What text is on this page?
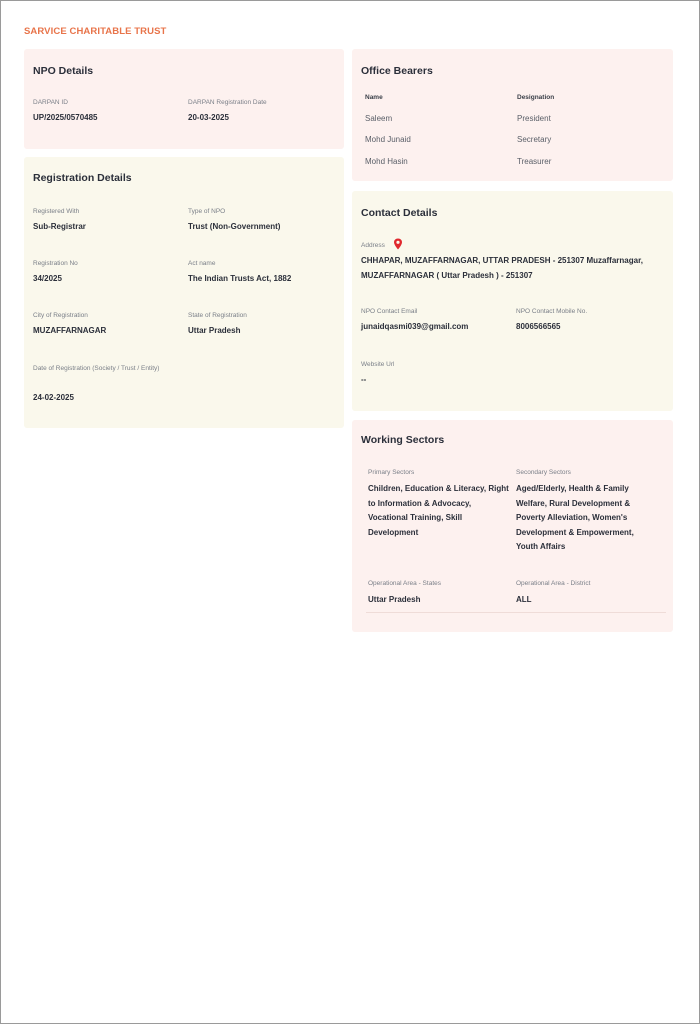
SARVICE CHARITABLE TRUST
NPO Details
DARPAN ID
UP/2025/0570485
DARPAN Registration Date
20-03-2025
Registration Details
Registered With
Sub-Registrar
Type of NPO
Trust (Non-Government)
Registration No
34/2025
Act name
The Indian Trusts Act, 1882
City of Registration
MUZAFFARNAGAR
State of Registration
Uttar Pradesh
Date of Registration (Society / Trust / Entity)
24-02-2025
Office Bearers
Name	Designation
Saleem	President
Mohd Junaid	Secretary
Mohd Hasin	Treasurer
Contact Details
Address
CHHAPAR, MUZAFFARNAGAR, UTTAR PRADESH - 251307 Muzaffarnagar, MUZAFFARNAGAR ( Uttar Pradesh ) - 251307
NPO Contact Email
junaidqasmi039@gmail.com
NPO Contact Mobile No.
8006566565
Website Url
--
Working Sectors
Primary Sectors
Children, Education & Literacy, Right to Information & Advocacy, Vocational Training, Skill Development
Secondary Sectors
Aged/Elderly, Health & Family Welfare, Rural Development & Poverty Alleviation, Women's Development & Empowerment, Youth Affairs
Operational Area - States
Uttar Pradesh
Operational Area - District
ALL
